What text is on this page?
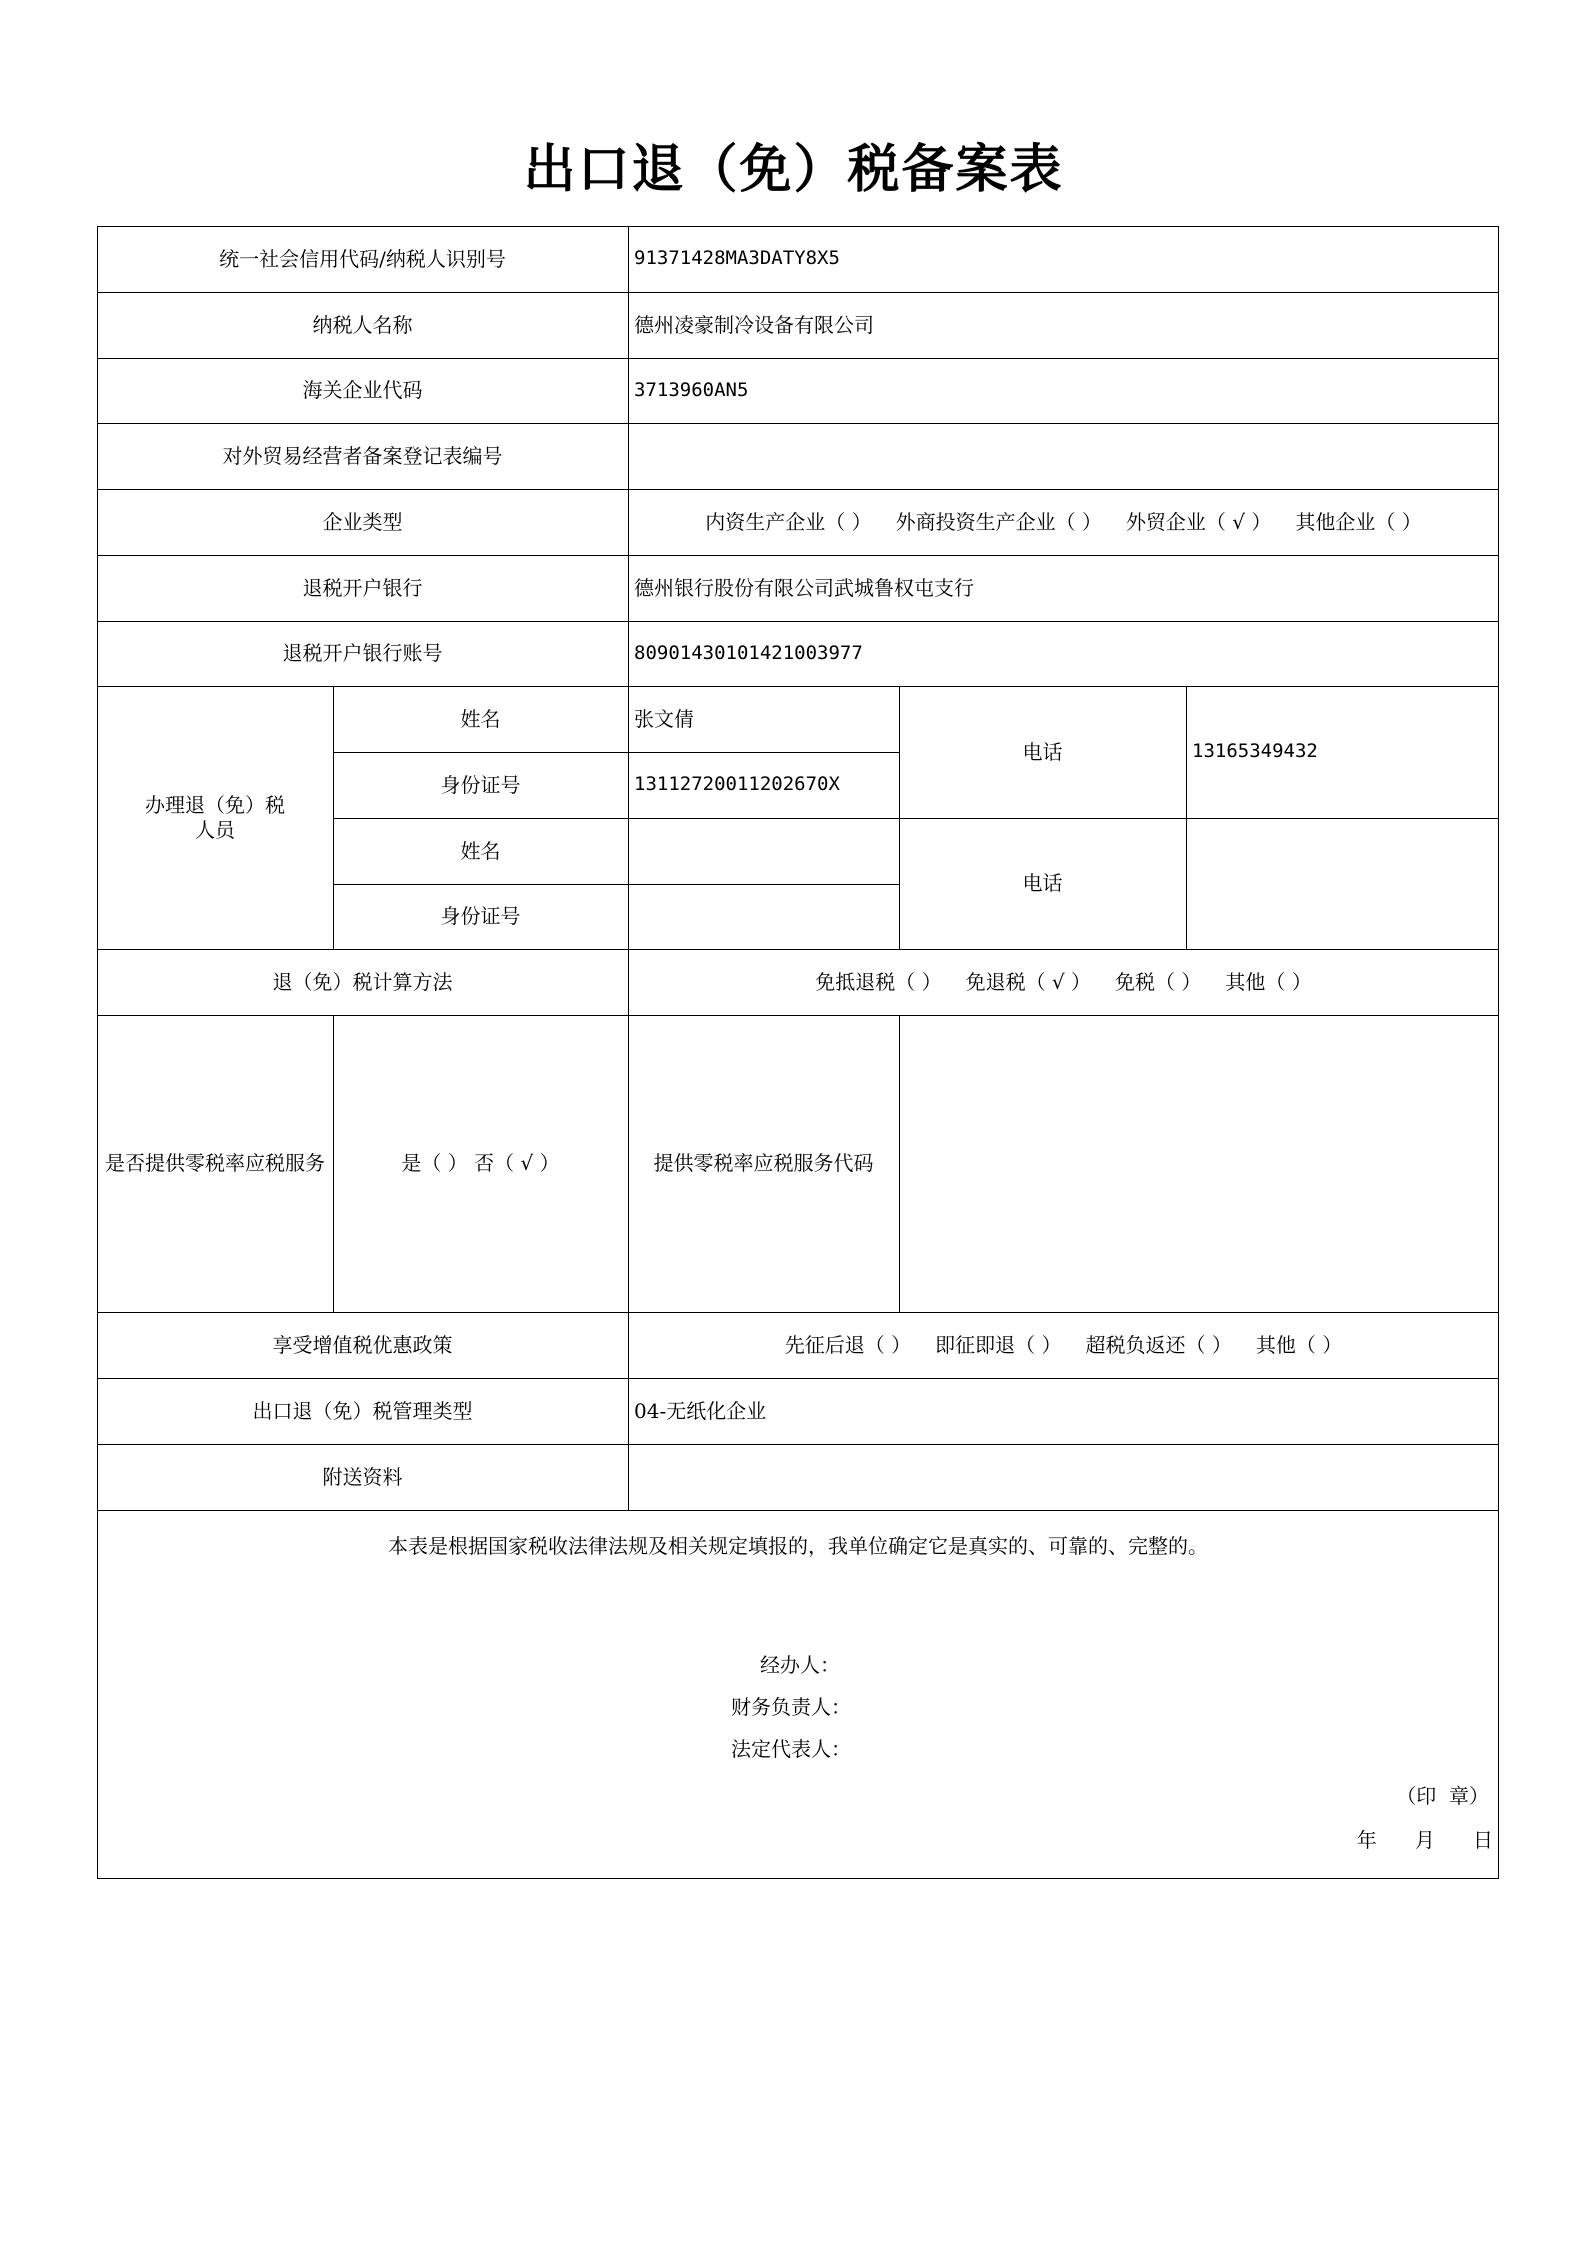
出口退（免）税备案表
统一社会信用代码/纳税人识别号	91371428MA3DATY8X5
纳税人名称	德州凌豪制冷设备有限公司
海关企业代码	3713960AN5
对外贸易经营者备案登记表编号
企业类型	内资生产企业（ ） 外商投资生产企业（ ） 外贸企业（ √ ） 其他企业（ ）
退税开户银行	德州银行股份有限公司武城鲁权屯支行
退税开户银行账号	80901430101421003977
办理退（免）税人员
姓名	张文倩
身份证号	13112720011202670X
电话	13165349432
姓名
身份证号
电话
退（免）税计算方法	免抵退税（ ） 免退税（ √ ） 免税（ ） 其他（ ）
是否提供零税率应税服务	是（ ） 否（ √ ）	提供零税率应税服务代码
享受增值税优惠政策	先征后退（ ） 即征即退（ ） 超税负返还（ ） 其他（ ）
出口退（免）税管理类型	04-无纸化企业
附送资料
本表是根据国家税收法律法规及相关规定填报的，我单位确定它是真实的、可靠的、完整的。
经办人：
财务负责人：
法定代表人：
（印  章）
年      月      日
